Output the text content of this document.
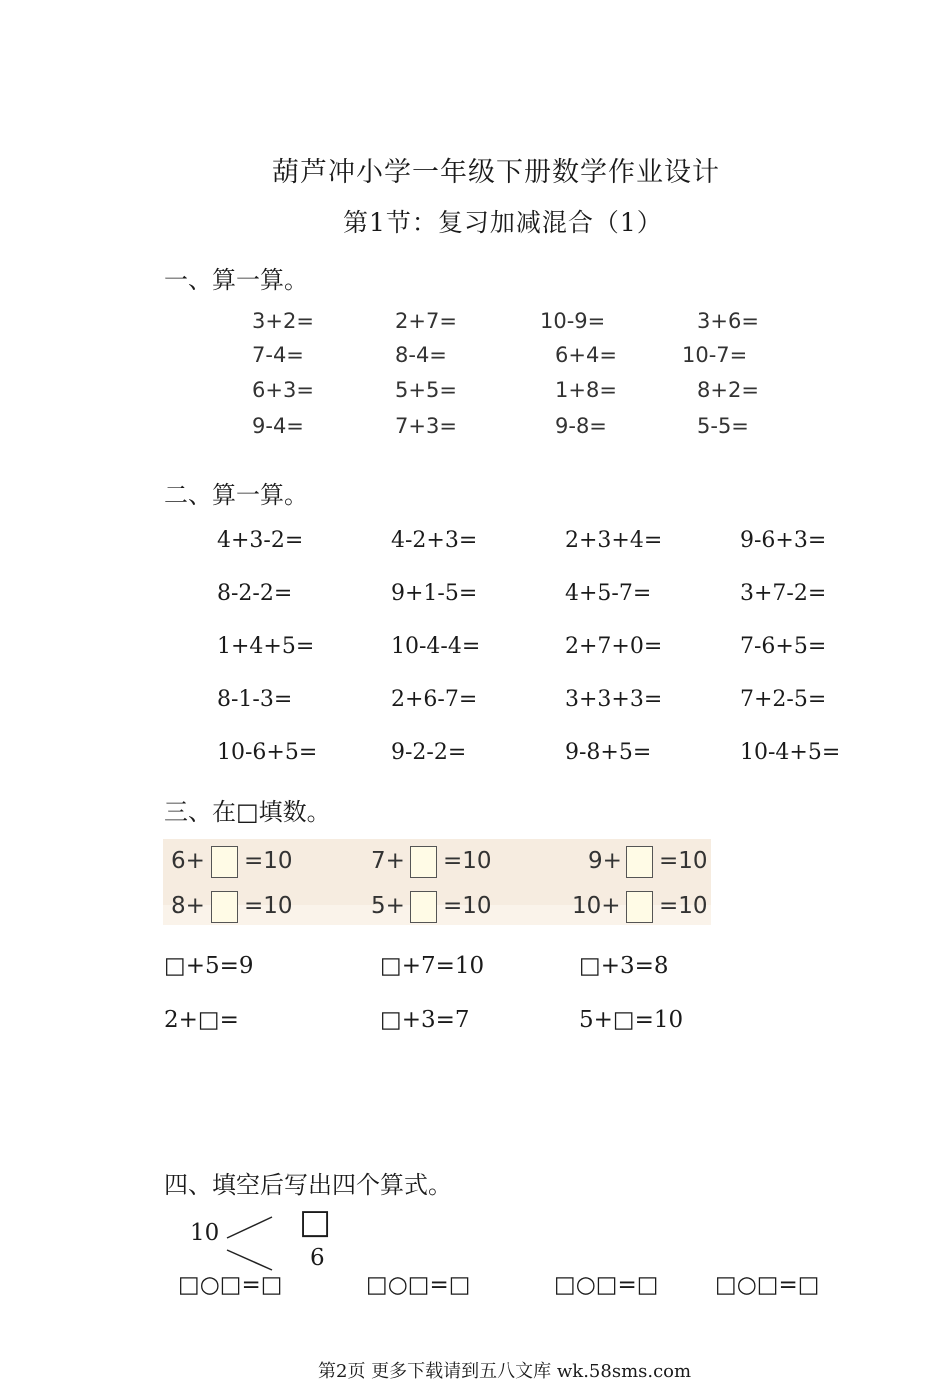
葫芦冲小学一年级下册数学作业设计
第1节：复习加减混合（1）
一、算一算。
3+2=	2+7=	10-9=	3+6=
7-4=	8-4=	6+4=	10-7=
6+3=	5+5=	1+8=	8+2=
9-4=	7+3=	9-8=	5-5=
二、算一算。
4+3-2=	4-2+3=	2+3+4=	9-6+3=
8-2-2=	9+1-5=	4+5-7=	3+7-2=
1+4+5=	10-4-4=	2+7+0=	7-6+5=
8-1-3=	2+6-7=	3+3+3=	7+2-5=
10-6+5=	9-2-2=	9-8+5=	10-4+5=
三、在□填数。
6+ =10	7+ =10	9+ =10
8+ =10	5+ =10	10+ =10
□+5=9	□+7=10	□+3=8
2+□=	□+3=7	5+□=10
四、填空后写出四个算式。
10 □
6
□○□=□	□○□=□	□○□=□ □○□=□
第2页 更多下载请到五八文库 wk.58sms.com
